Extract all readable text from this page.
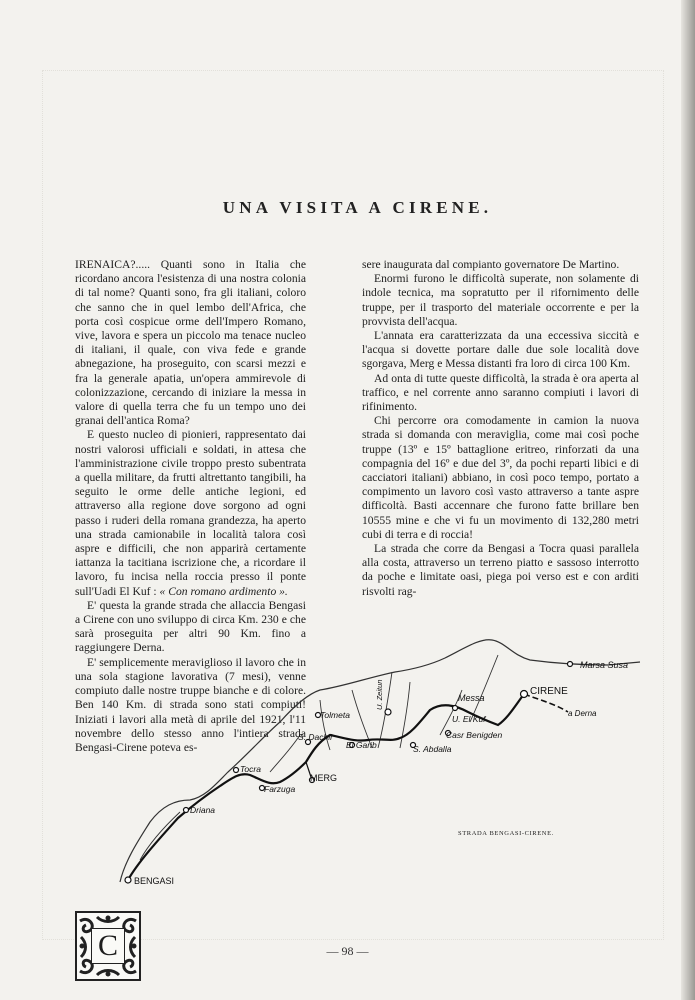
UNA VISITA A CIRENE.
C

IRENAICA?..... Quanti sono in Italia che ricordano ancora l'esistenza di una nostra colonia di tal nome? Quanti sono, fra gli italiani, coloro che sanno che in quel lembo dell'Africa, che porta così cospicue orme dell'Impero Romano, vive, lavora e spera un piccolo ma tenace nucleo di italiani, il quale, con viva fede e grande abnegazione, ha proseguito, con scarsi mezzi e fra la generale apatia, un'opera ammirevole di colonizzazione, cercando di iniziare la messa in valore di quella terra che fu un tempo uno dei granai dell'antica Roma?

E questo nucleo di pionieri, rappresentato dai nostri valorosi ufficiali e soldati, in attesa che l'amministrazione civile troppo presto subentrata a quella militare, da frutti altrettanto tangibili, ha seguito le orme delle antiche legioni, ed attraverso alla regione dove sorgono ad ogni passo i ruderi della romana grandezza, ha aperto una strada camionabile in località talora così aspre e difficili, che non apparirà certamente iattanza la tacitiana iscrizione che, a ricordare il lavoro, fu incisa nella roccia presso il ponte sull'Uadi El Kuf : « Con romano ardimento ».

E' questa la grande strada che allaccia Bengasi a Cirene con uno sviluppo di circa Km. 230 e che sarà proseguita per altri 90 Km. fino a raggiungere Derna.

E' semplicemente meraviglioso il lavoro che in una sola stagione lavorativa (7 mesi), venne compiuto dalle nostre truppe bianche e di colore. Ben 140 Km. di strada sono stati compiuti! Iniziati i lavori alla metà di aprile del 1921, l'11 novembre dello stesso anno l'intiera strada Bengasi-Cirene poteva es-

sere inaugurata dal compianto governatore De Martino.

Enormi furono le difficoltà superate, non solamente di indole tecnica, ma sopratutto per il rifornimento delle truppe, per il trasporto del materiale occorrente e per la provvista dell'acqua.

L'annata era caratterizzata da una eccessiva siccità e l'acqua si dovette portare dalle due sole località dove sgorgava, Merg e Messa distanti fra loro di circa 100 Km.

Ad onta di tutte queste difficoltà, la strada è ora aperta al traffico, e nel corrente anno saranno compiuti i lavori di rifinimento.

Chi percorre ora comodamente in camion la nuova strada si domanda con meraviglia, come mai così poche truppe (13º e 15º battaglione eritreo, rinforzati da una compagnia del 16º e due del 3º, da pochi reparti libici e di cacciatori italiani) abbiano, in così poco tempo, portato a compimento un lavoro così vasto attraverso a tante aspre difficoltà. Basti accennare che furono fatte brillare ben 10555 mine e che vi fu un movimento di 132,280 metri cubi di terra e di roccia!

La strada che corre da Bengasi a Tocra quasi parallela alla costa, attraverso un terreno piatto e sassoso interrotto da poche e limitate oasi, piega poi verso est e con arditi risvolti rag-

Marsa Susa
CIRENE
Messa
a Derna
U. El Kuf
Casr Benigden
S. Abdalla
El Garib
U. Zeitun
Tolmeta
S. Dachil
MERG
Tocra
Farzuga
Driana
BENGASI
STRADA BENGASI-CIRENE.
— 98 —
